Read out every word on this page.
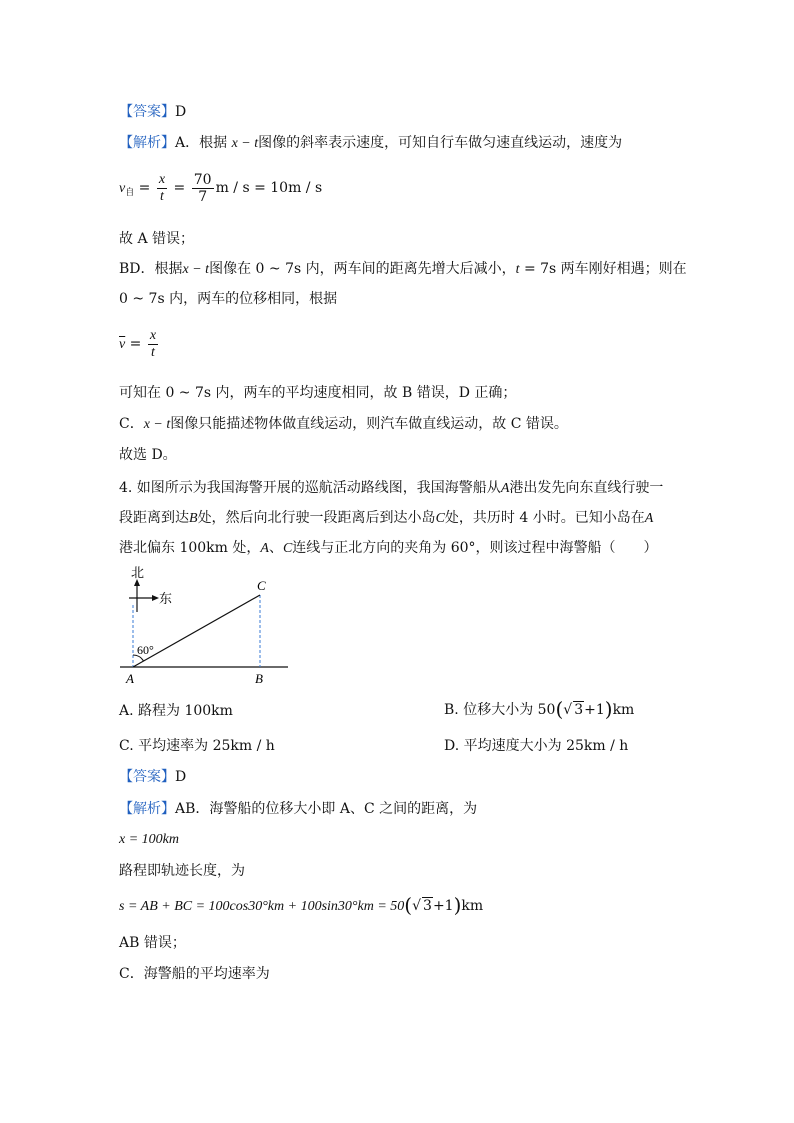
【答案】D
【解析】A．根据 x − t图像的斜率表示速度，可知自行车做匀速直线运动，速度为
$v_自 = \frac{x}{t} = \frac{70}{7}$ m / s = 10m / s
故 A 错误；
BD．根据x − t图像在 0 ~ 7s 内，两车间的距离先增大后减小，t = 7s 两车刚好相遇；则在
0 ~ 7s 内，两车的位移相同，根据
$\overline{v} = \frac{x}{t}$
可知在 0 ~ 7s 内，两车的平均速度相同，故 B 错误，D 正确；
C．x − t图像只能描述物体做直线运动，则汽车做直线运动，故 C 错误。
故选 D。
4. 如图所示为我国海警开展的巡航活动路线图，我国海警船从A港出发先向东直线行驶一
段距离到达B处，然后向北行驶一段距离后到达小岛C处，共历时 4 小时。已知小岛在A
港北偏东 100km 处，A、C连线与正北方向的夹角为 60°，则该过程中海警船（　　）
北
东
60°
A	B
C
A. 路程为 100km	B. 位移大小为 50(√ 3+1)km
C. 平均速率为 25km / h	D. 平均速度大小为 25km / h
【答案】D
【解析】AB．海警船的位移大小即 A、C 之间的距离，为
x = 100km
路程即轨迹长度，为
s = AB + BC = 100cos30°km + 100sin30°km = 50(√ 3+1)km
AB 错误；
C．海警船的平均速率为
